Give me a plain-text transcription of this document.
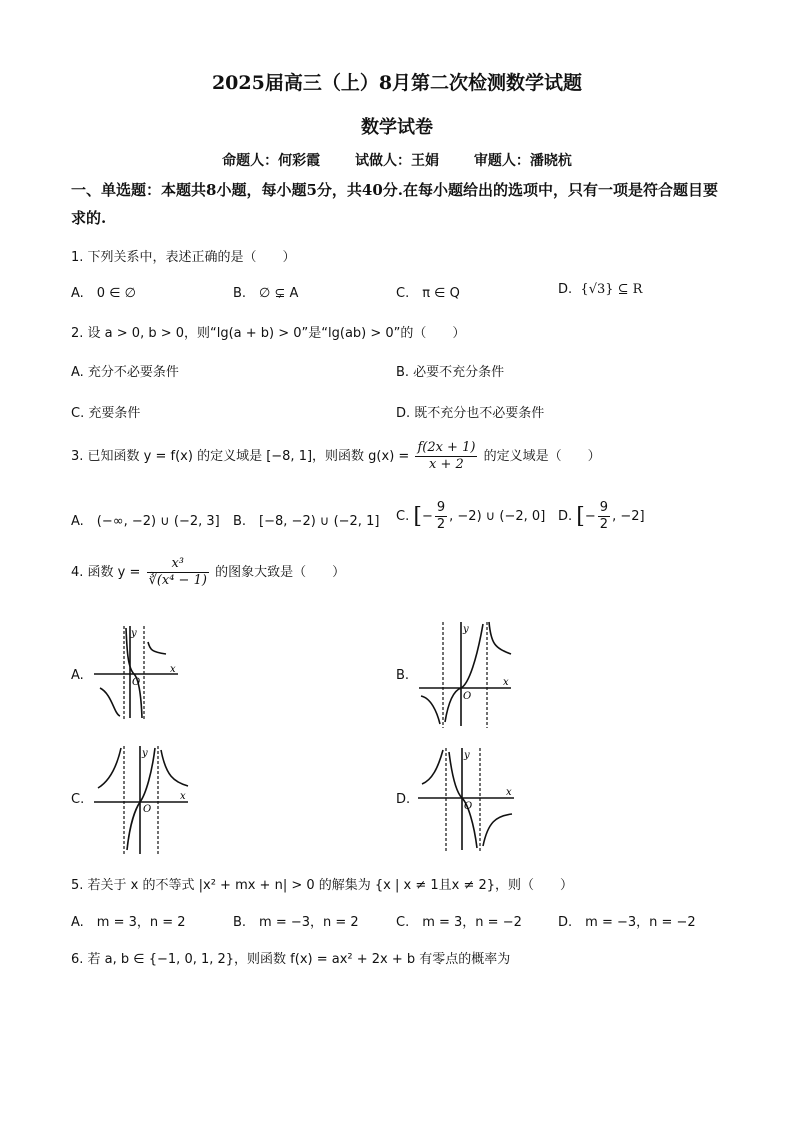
2025届高三（上）8月第二次检测数学试题
数学试卷
命题人：何彩霞 试做人：王娟 审题人：潘晓杭
一、单选题：本题共8小题，每小题5分，共40分.在每小题给出的选项中，只有一项是符合题目要求的.
1. 下列关系中，表述正确的是（　　）
A.　0 ∈ ∅	B.　∅ ⊊ A	C.　π ∈ Q	D. {√3} ⊆ R
2. 设 a > 0, b > 0，则“lg(a + b) > 0”是“lg(ab) > 0”的（　　）
A. 充分不必要条件	B. 必要不充分条件
C. 充要条件	D. 既不充分也不必要条件
3. 已知函数 y = f(x) 的定义域是 [−8, 1]，则函数 $g(x) = \frac{f(2x + 1)}{x + 2}$ 的定义域是（　　）
A.　(−∞, −2) ∪ (−2, 3] B.　[−8, −2) ∪ (−2, 1] C. [− $\frac{9}{2}$ , −2) ∪ (−2, 0] D. [− $\frac{9}{2}$ , −2]
4. 函数 $y = \frac{\text{x³}}{\text{∛(x⁴ − 1)}}$ 的图象大致是（　　）
A.	B.
C.	D.
y
x
O
y
x
O
y
x
O
y
x
O
5. 若关于 x 的不等式 |x² + mx + n| > 0 的解集为 {x | x ≠ 1且x ≠ 2}，则（　　）
A.　m = 3，n = 2	B.　m = −3，n = 2	C.　m = 3，n = −2	D.　m = −3，n = −2
6. 若 a, b ∈ {−1, 0, 1, 2}，则函数 f(x) = ax² + 2x + b 有零点的概率为
